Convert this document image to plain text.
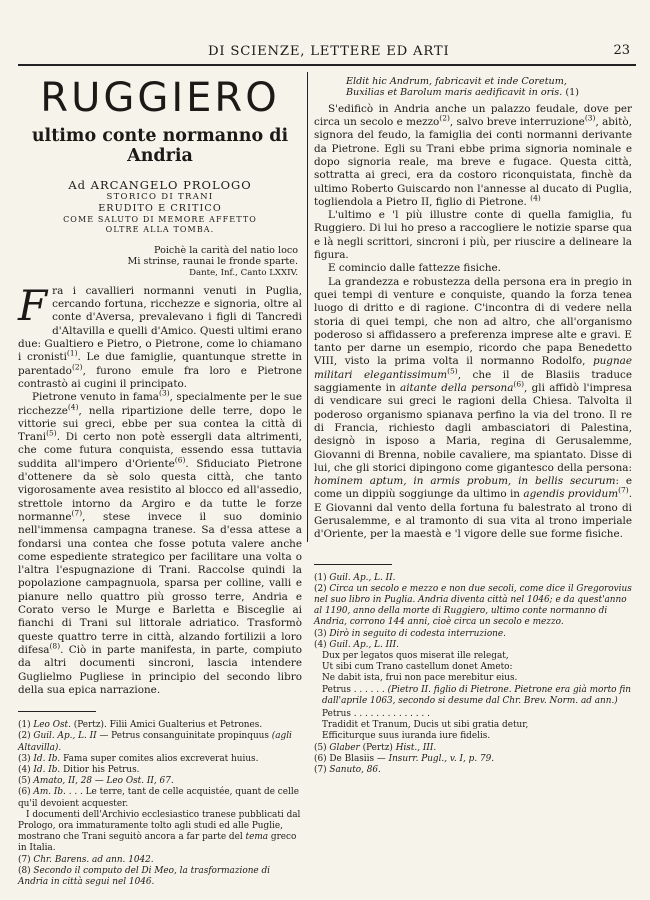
DI SCIENZE, LETTERE ED ARTI	23
RUGGIERO
ultimo conte normanno di Andria
Ad ARCANGELO PROLOGO
STORICO DI TRANI
ERUDITO E CRITICO
COME SALUTO DI MEMORE AFFETTO
OLTRE ALLA TOMBA.
Poichè la carità del natio loco
Mi strinse, raunai le fronde sparte.
Dante, Inf., Canto LXXIV.

Fra i cavallieri normanni venuti in Puglia, cercando fortuna, ricchezze e signoria, oltre al conte d'Aversa, prevalevano i figli di Tancredi d'Altavilla e quelli d'Amico. Questi ultimi erano due: Gualtiero e Pietro, o Pietrone, come lo chiamano i cronisti$^{(1)}$. Le due famiglie, quantunque strette in parentado$^{(2)}$, furono emule fra loro e Pietrone contrastò ai cugini il principato.

Pietrone venuto in fama$^{(3)}$, specialmente per le sue ricchezze$^{(4)}$, nella ripartizione delle terre, dopo le vittorie sui greci, ebbe per sua contea la città di Trani$^{(5)}$. Di certo non potè essergli data altrimenti, che come futura conquista, essendo essa tuttavia suddita all'impero d'Oriente$^{(6)}$. Sfiduciato Pietrone d'ottenere da sè solo questa città, che tanto vigorosamente avea resistito al blocco ed all'assedio, strettole intorno da Argiro e da tutte le forze normanne$^{(7)}$, stese invece il suo dominio nell'immensa campagna tranese. Sa d'essa attese a fondarsi una contea che fosse potuta valere anche come espediente strategico per facilitare una volta o l'altra l'espugnazione di Trani. Raccolse quindi la popolazione campagnuola, sparsa per colline, valli e pianure nello quattro più grosso terre, Andria e Corato verso le Murge e Barletta e Bisceglie ai fianchi di Trani sul littorale adriatico. Trasformò queste quattro terre in città, alzando fortilizii a loro difesa$^{(8)}$. Ciò in parte manifesta, in parte, compiuto da altri documenti sincroni, lascia intendere Guglielmo Pugliese in principio del secondo libro della sua epica narrazione.

(1) Leo Ost. (Pertz). Filii Amici Gualterius et Petrones.
(2) Guil. Ap., L. II — Petrus consanguinitate propinquus (agli Altavilla).
(3) Id. Ib. Fama super comites alios excreverat huius.
(4) Id. Ib. Ditior his Petrus.
(5) Amato, II, 28 — Leo Ost. II, 67.
(6) Am. Ib. . . . Le terre, tant de celle acquistée, quant de celle qu'il devoient acquester.
I documenti dell'Archivio ecclesiastico tranese pubblicati dal Prologo, ora immaturamente tolto agli studi ed alle Puglie, mostrano che Trani seguitò ancora a far parte del tema greco in Italia.
(7) Chr. Barens. ad ann. 1042.
(8) Secondo il computo del Di Meo, la trasformazione di Andria in città segui nel 1046.
Eldit hic Andrum, fabricavit et inde Coretum,
Buxilias et Barolum maris aedificavit in oris. (1)

S'edificò in Andria anche un palazzo feudale, dove per circa un secolo e mezzo$^{(2)}$, salvo breve interruzione$^{(3)}$, abitò, signora del feudo, la famiglia dei conti normanni derivante da Pietrone. Egli su Trani ebbe prima signoria nominale e dopo signoria reale, ma breve e fugace. Questa città, sottratta ai greci, era da costoro riconquistata, finchè da ultimo Roberto Guiscardo non l'annesse al ducato di Puglia, togliendola a Pietro II, figlio di Pietrone. $^{(4)}$

L'ultimo e 'l più illustre conte di quella famiglia, fu Ruggiero. Di lui ho preso a raccogliere le notizie sparse qua e là negli scrittori, sincroni i più, per riuscire a delineare la figura.

E comincio dalle fattezze fisiche.

La grandezza e robustezza della persona era in pregio in quei tempi di venture e conquiste, quando la forza tenea luogo di dritto e di ragione. C'incontra di di vedere nella storia di quei tempi, che non ad altro, che all'organismo poderoso si affidassero a preferenza imprese alte e gravi. E tanto per darne un esempio, ricordo che papa Benedetto VIII, visto la prima volta il normanno Rodolfo, pugnae militari elegantissimum$^{(5)}$, che il de Blasiis traduce saggiamente in aitante della persona$^{(6)}$, gli affidò l'impresa di vendicare sui greci le ragioni della Chiesa. Talvolta il poderoso organismo spianava perfino la via del trono. Il re di Francia, richiesto dagli ambasciatori di Palestina, designò in isposo a Maria, regina di Gerusalemme, Giovanni di Brenna, nobile cavaliere, ma spiantato. Disse di lui, che gli storici dipingono come gigantesco della persona: hominem aptum, in armis probum, in bellis securum: e come un dippiù soggiunge da ultimo in agendis providum$^{(7)}$. E Giovanni dal vento della fortuna fu balestrato al trono di Gerusalemme, e al tramonto di sua vita al trono imperiale d'Oriente, per la maestà e 'l vigore delle sue forme fisiche.

(1) Guil. Ap., L. II.
(2) Circa un secolo e mezzo e non due secoli, come dice il Gregorovius nel suo libro in Puglia. Andria diventa città nel 1046; e da quest'anno al 1190, anno della morte di Ruggiero, ultimo conte normanno di Andria, corrono 144 anni, cioè circa un secolo e mezzo.
(3) Dirò in seguito di codesta interruzione.
(4) Guil. Ap., L. III.
Dux per legatos quos miserat ille relegat,
Ut sibi cum Trano castellum donet Ameto:
Ne dabit ista, frui non pace merebitur eius.
Petrus . . . . . . (Pietro II. figlio di Pietrone. Pietrone era già morto fin dall'aprile 1063, secondo si desume dal Chr. Brev. Norm. ad ann.)
Petrus . . . . . . . . . . . . . .
Tradidit et Tranum, Ducis ut sibi gratia detur,
Efficiturque suus iuranda iure fidelis.
(5) Glaber (Pertz) Hist., III.
(6) De Blasiis — Insurr. Pugl., v. I, p. 79.
(7) Sanuto, 86.
